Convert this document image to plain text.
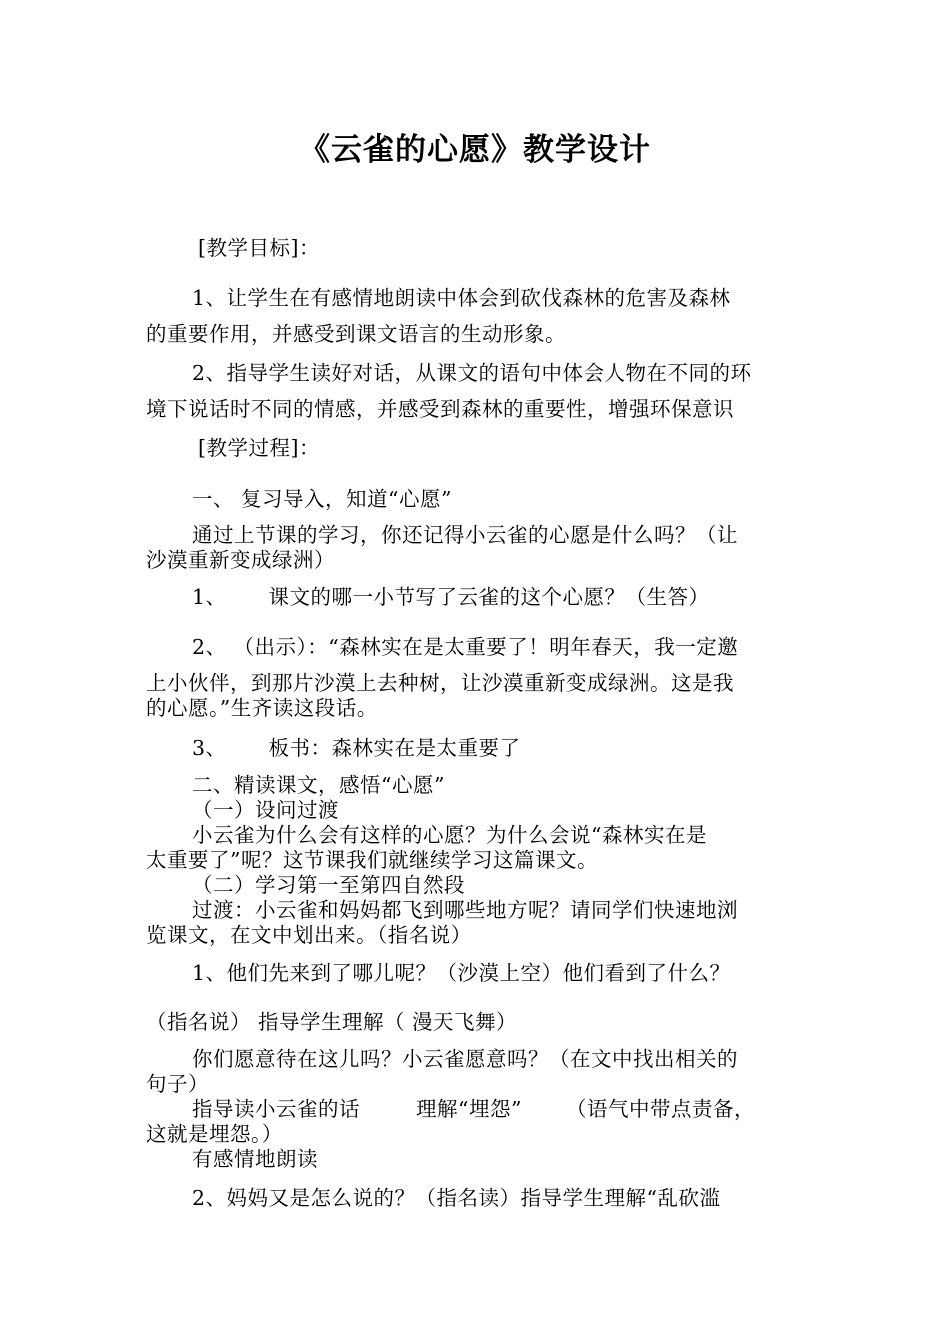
《云雀的心愿》教学设计
[教学目标]：
1、让学生在有感情地朗读中体会到砍伐森林的危害及森林
的重要作用，并感受到课文语言的生动形象。
2、指导学生读好对话，从课文的语句中体会人物在不同的环
境下说话时不同的情感，并感受到森林的重要性，增强环保意识
[教学过程]：
一、 复习导入，知道“心愿”
通过上节课的学习，你还记得小云雀的心愿是什么吗？（让
沙漠重新变成绿洲）
1、 课文的哪一小节写了云雀的这个心愿？（生答）
2、 （出示）：“森林实在是太重要了！明年春天，我一定邀
上小伙伴，到那片沙漠上去种树，让沙漠重新变成绿洲。这是我
的心愿。”生齐读这段话。
3、 板书：森林实在是太重要了
二、精读课文，感悟“心愿”
（一）设问过渡
小云雀为什么会有这样的心愿？为什么会说“森林实在是
太重要了”呢？这节课我们就继续学习这篇课文。
（二）学习第一至第四自然段
过渡：小云雀和妈妈都飞到哪些地方呢？请同学们快速地浏
览课文，在文中划出来。（指名说）
1、他们先来到了哪儿呢？（沙漠上空）他们看到了什么？
（指名说） 指导学生理解（ 漫天飞舞）
你们愿意待在这儿吗？小云雀愿意吗？（在文中找出相关的
句子）
指导读小云雀的话	理解“埋怨” （语气中带点责备，
这就是埋怨。）
有感情地朗读
2、妈妈又是怎么说的？（指名读）指导学生理解“乱砍滥
